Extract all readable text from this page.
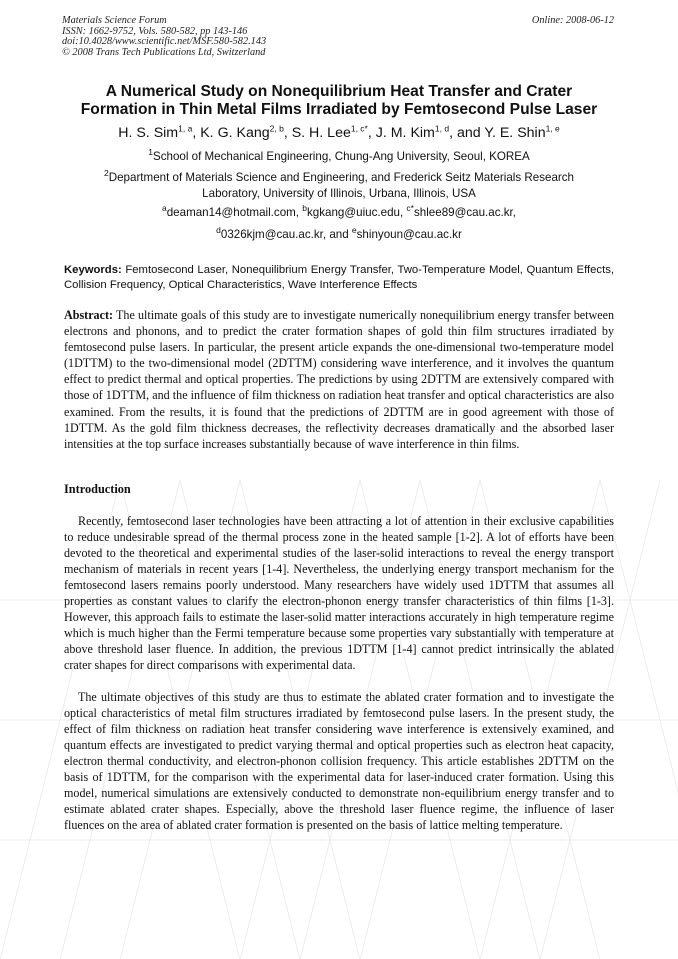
Materials Science Forum
ISSN: 1662-9752, Vols. 580-582, pp 143-146
doi:10.4028/www.scientific.net/MSF.580-582.143
© 2008 Trans Tech Publications Ltd, Switzerland
Online: 2008-06-12
A Numerical Study on Nonequilibrium Heat Transfer and Crater
Formation in Thin Metal Films Irradiated by Femtosecond Pulse Laser
H. S. Sim$^{1, a}$, K. G. Kang$^{2, b}$, S. H. Lee$^{1, c*}$, J. M. Kim$^{1, d}$, and Y. E. Shin$^{1, e}$
$^1$School of Mechanical Engineering, Chung-Ang University, Seoul, KOREA
$^2$Department of Materials Science and Engineering, and Frederick Seitz Materials Research
Laboratory, University of Illinois, Urbana, Illinois, USA
$^a$deaman14@hotmail.com, $^b$kgkang@uiuc.edu, $^{c*}$shlee89@cau.ac.kr,
$^d$0326kjm@cau.ac.kr, and $^e$shinyoun@cau.ac.kr
Keywords: Femtosecond Laser, Nonequilibrium Energy Transfer, Two-Temperature Model, Quantum Effects, Collision Frequency, Optical Characteristics, Wave Interference Effects
Abstract: The ultimate goals of this study are to investigate numerically nonequilibrium energy transfer between electrons and phonons, and to predict the crater formation shapes of gold thin film structures irradiated by femtosecond pulse lasers. In particular, the present article expands the one-dimensional two-temperature model (1DTTM) to the two-dimensional model (2DTTM) considering wave interference, and it involves the quantum effect to predict thermal and optical properties. The predictions by using 2DTTM are extensively compared with those of 1DTTM, and the influence of film thickness on radiation heat transfer and optical characteristics are also examined. From the results, it is found that the predictions of 2DTTM are in good agreement with those of 1DTTM. As the gold film thickness decreases, the reflectivity decreases dramatically and the absorbed laser intensities at the top surface increases substantially because of wave interference in thin films.
Introduction

Recently, femtosecond laser technologies have been attracting a lot of attention in their exclusive capabilities to reduce undesirable spread of the thermal process zone in the heated sample [1-2]. A lot of efforts have been devoted to the theoretical and experimental studies of the laser-solid interactions to reveal the energy transport mechanism of materials in recent years [1-4]. Nevertheless, the underlying energy transport mechanism for the femtosecond lasers remains poorly understood. Many researchers have widely used 1DTTM that assumes all properties as constant values to clarify the electron-phonon energy transfer characteristics of thin films [1-3]. However, this approach fails to estimate the laser-solid matter interactions accurately in high temperature regime which is much higher than the Fermi temperature because some properties vary substantially with temperature at above threshold laser fluence. In addition, the previous 1DTTM [1-4] cannot predict intrinsically the ablated crater shapes for direct comparisons with experimental data.

The ultimate objectives of this study are thus to estimate the ablated crater formation and to investigate the optical characteristics of metal film structures irradiated by femtosecond pulse lasers. In the present study, the effect of film thickness on radiation heat transfer considering wave interference is extensively examined, and quantum effects are investigated to predict varying thermal and optical properties such as electron heat capacity, electron thermal conductivity, and electron-phonon collision frequency. This article establishes 2DTTM on the basis of 1DTTM, for the comparison with the experimental data for laser-induced crater formation. Using this model, numerical simulations are extensively conducted to demonstrate non-equilibrium energy transfer and to estimate ablated crater shapes. Especially, above the threshold laser fluence regime, the influence of laser fluences on the area of ablated crater formation is presented on the basis of lattice melting temperature.
